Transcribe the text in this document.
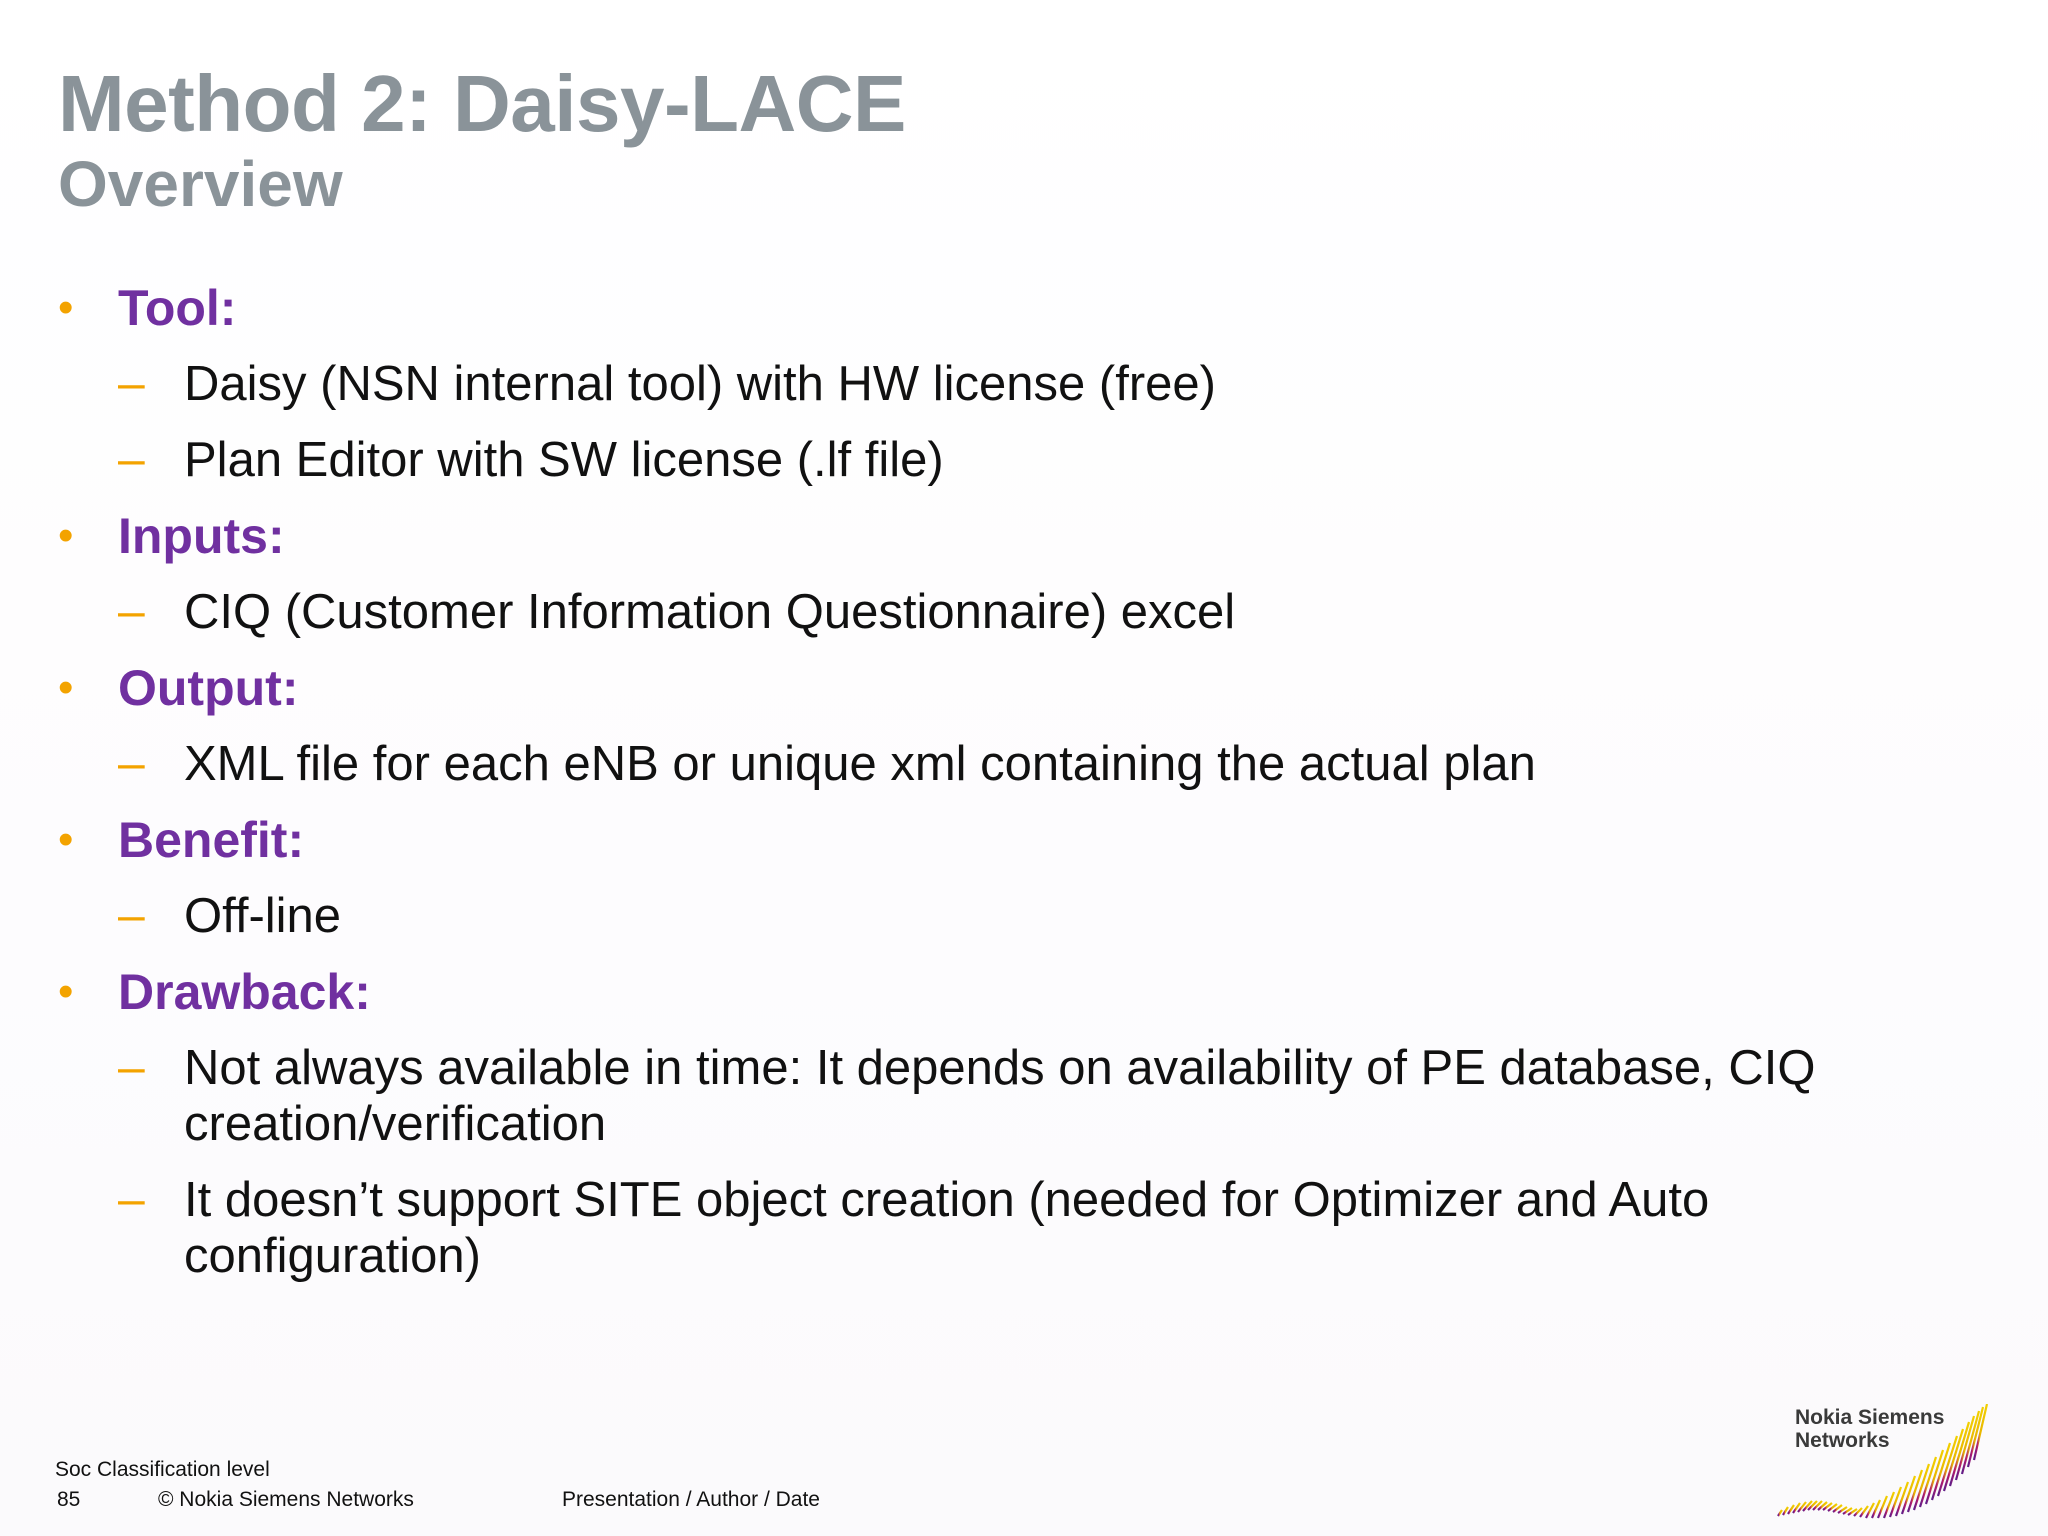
Method 2: Daisy-LACE
Overview
• Tool:
– Daisy (NSN internal tool) with HW license (free)
– Plan Editor with SW license (.lf file)
• Inputs:
– CIQ (Customer Information Questionnaire) excel
• Output:
– XML file for each eNB or unique xml containing the actual plan
• Benefit:
– Off-line
• Drawback:
– Not always available in time: It depends on availability of PE database, CIQ creation/verification
– It doesn’t support SITE object creation (needed for Optimizer and Auto configuration)
Soc Classification level
85	© Nokia Siemens Networks	Presentation / Author / Date
Nokia Siemens
Networks
